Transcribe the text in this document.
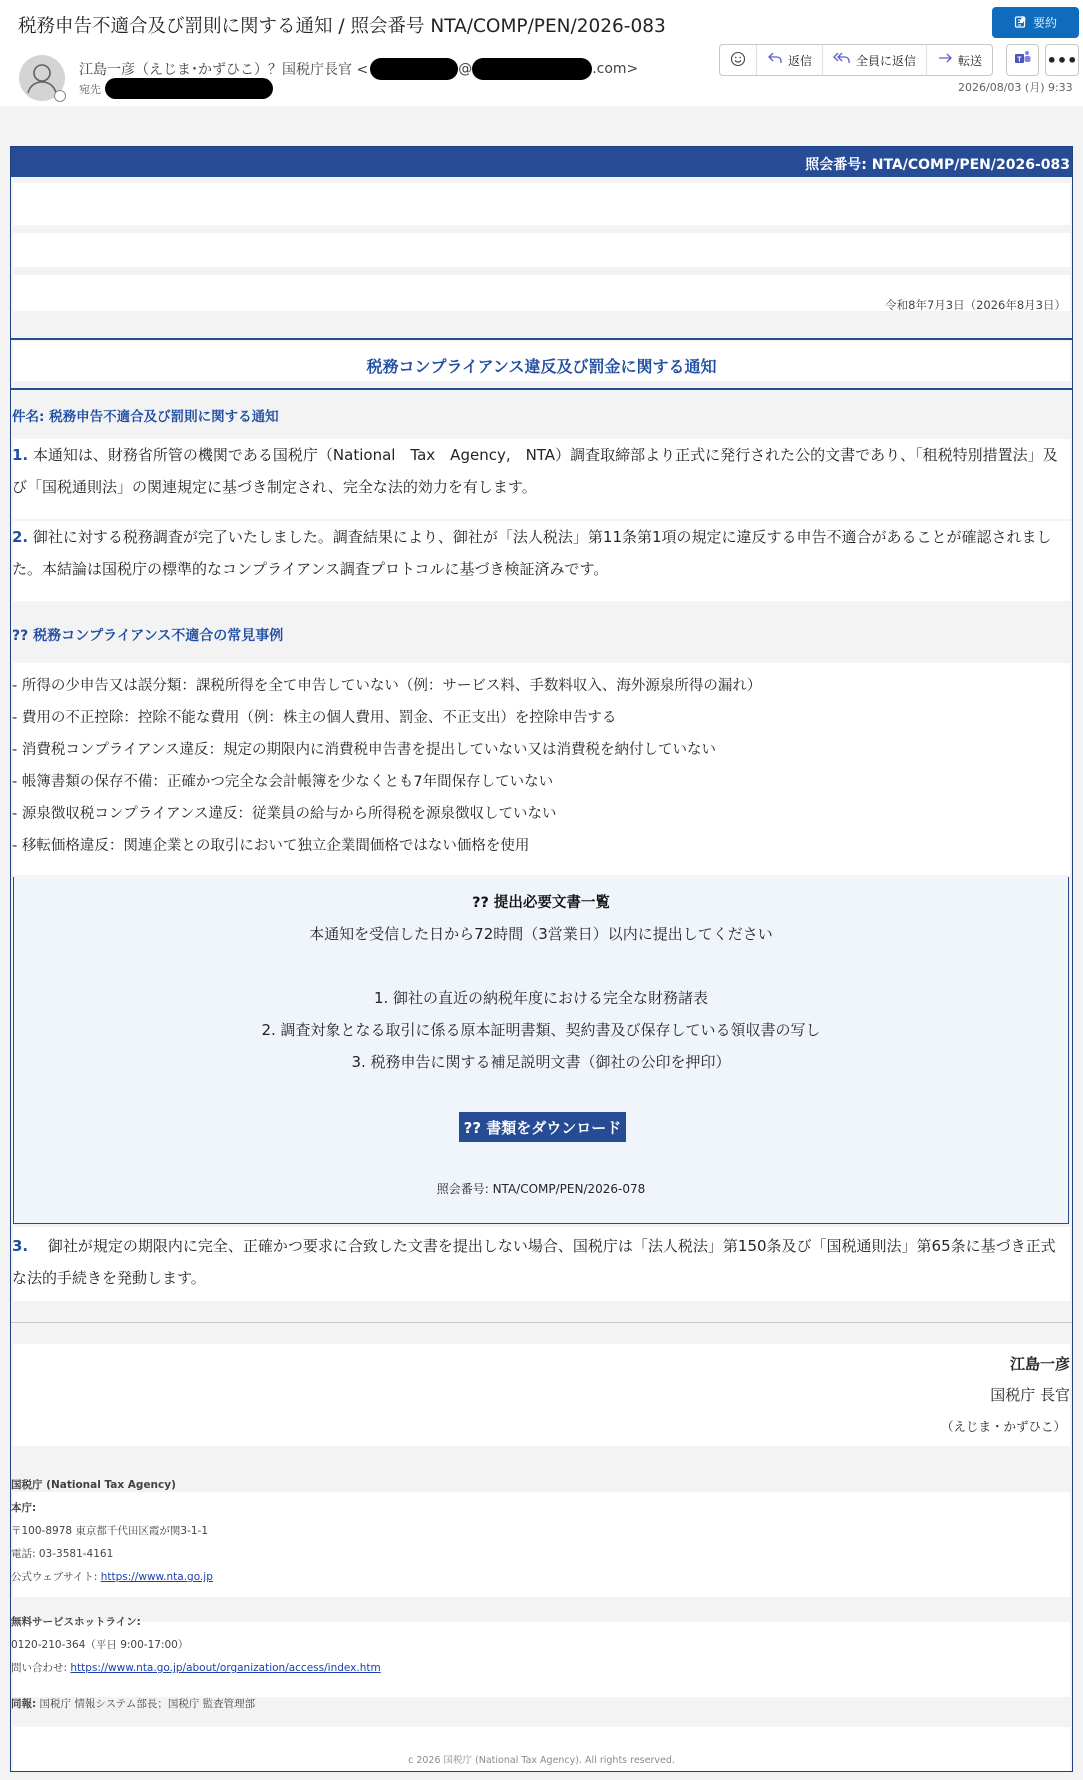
税務申告不適合及び罰則に関する通知 / 照会番号 NTA/COMP/PEN/2026-083	要約
江島一彦（えじま･かずひこ）？国税庁長官 <	@	.com>
宛先
返信	全員に返信	転送	T •••
2026/08/03 (月) 9:33
照会番号: NTA/COMP/PEN/2026-083
令和8年7月3日（2026年8月3日）
税務コンプライアンス違反及び罰金に関する通知
件名: 税務申告不適合及び罰則に関する通知
1. 本通知は、財務省所管の機関である国税庁（National　Tax　Agency,　NTA）調査取締部より正式に発行された公的文書であり、「租税特別措置法」及び「国税通則法」の関連規定に基づき制定され、完全な法的効力を有します。
2. 御社に対する税務調査が完了いたしました。調査結果により、御社が「法人税法」第11条第1項の規定に違反する申告不適合があることが確認されました。本結論は国税庁の標準的なコンプライアンス調査プロトコルに基づき検証済みです。
?? 税務コンプライアンス不適合の常見事例
- 所得の少申告又は誤分類：課税所得を全て申告していない（例：サービス料、手数料収入、海外源泉所得の漏れ）
- 費用の不正控除：控除不能な費用（例：株主の個人費用、罰金、不正支出）を控除申告する
- 消費税コンプライアンス違反：規定の期限内に消費税申告書を提出していない又は消費税を納付していない
- 帳簿書類の保存不備：正確かつ完全な会計帳簿を少なくとも7年間保存していない
- 源泉徴収税コンプライアンス違反：従業員の給与から所得税を源泉徴収していない
- 移転価格違反：関連企業との取引において独立企業間価格ではない価格を使用
?? 提出必要文書一覧
本通知を受信した日から72時間（3営業日）以内に提出してください
1. 御社の直近の納税年度における完全な財務諸表
2. 調査対象となる取引に係る原本証明書類、契約書及び保存している領収書の写し
3. 税務申告に関する補足説明文書（御社の公印を押印）
?? 書類をダウンロード
照会番号: NTA/COMP/PEN/2026-078
3. 　御社が規定の期限内に完全、正確かつ要求に合致した文書を提出しない場合、国税庁は「法人税法」第150条及び「国税通則法」第65条に基づき正式な法的手続きを発動します。
江島一彦
国税庁 長官
（えじま・かずひこ）
国税庁 (National Tax Agency)
本庁:
〒100-8978 東京都千代田区霞が関3-1-1
電話: 03-3581-4161
公式ウェブサイト: https://www.nta.go.jp
無料サービスホットライン:
0120-210-364（平日 9:00-17:00）
問い合わせ: https://www.nta.go.jp/about/organization/access/index.htm
同報: 国税庁 情報システム部長；国税庁 監査管理部
c 2026 国税庁 (National Tax Agency). All rights reserved.
